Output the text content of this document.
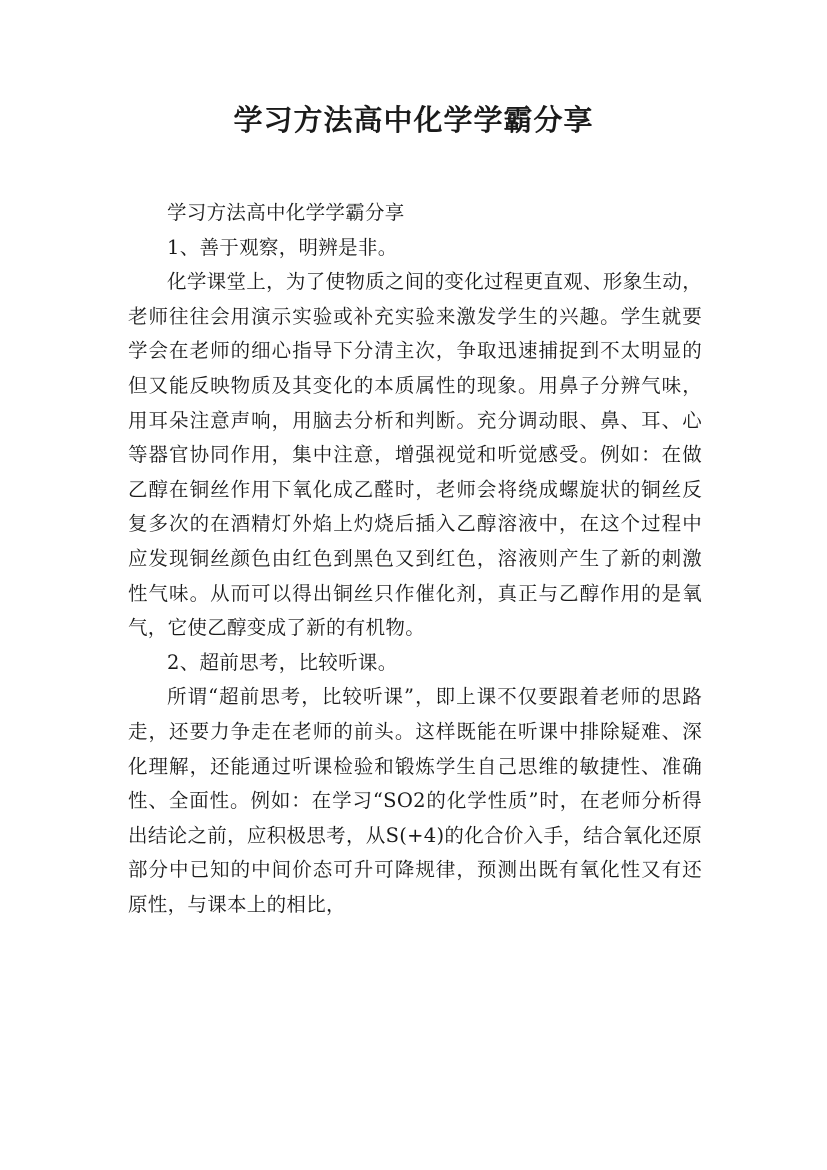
学习方法高中化学学霸分享

学习方法高中化学学霸分享

1、善于观察，明辨是非。

化学课堂上，为了使物质之间的变化过程更直观、形象生动，老师往往会用演示实验或补充实验来激发学生的兴趣。学生就要学会在老师的细心指导下分清主次，争取迅速捕捉到不太明显的但又能反映物质及其变化的本质属性的现象。用鼻子分辨气味，用耳朵注意声响，用脑去分析和判断。充分调动眼、鼻、耳、心等器官协同作用，集中注意，增强视觉和听觉感受。例如：在做乙醇在铜丝作用下氧化成乙醛时，老师会将绕成螺旋状的铜丝反复多次的在酒精灯外焰上灼烧后插入乙醇溶液中，在这个过程中应发现铜丝颜色由红色到黑色又到红色，溶液则产生了新的刺激性气味。从而可以得出铜丝只作催化剂，真正与乙醇作用的是氧气，它使乙醇变成了新的有机物。

2、超前思考，比较听课。

所谓“超前思考，比较听课”，即上课不仅要跟着老师的思路走，还要力争走在老师的前头。这样既能在听课中排除疑难、深化理解，还能通过听课检验和锻炼学生自己思维的敏捷性、准确性、全面性。例如：在学习“SO2的化学性质”时，在老师分析得出结论之前，应积极思考，从S(+4)的化合价入手，结合氧化还原部分中已知的中间价态可升可降规律，预测出既有氧化性又有还原性，与课本上的相比，
